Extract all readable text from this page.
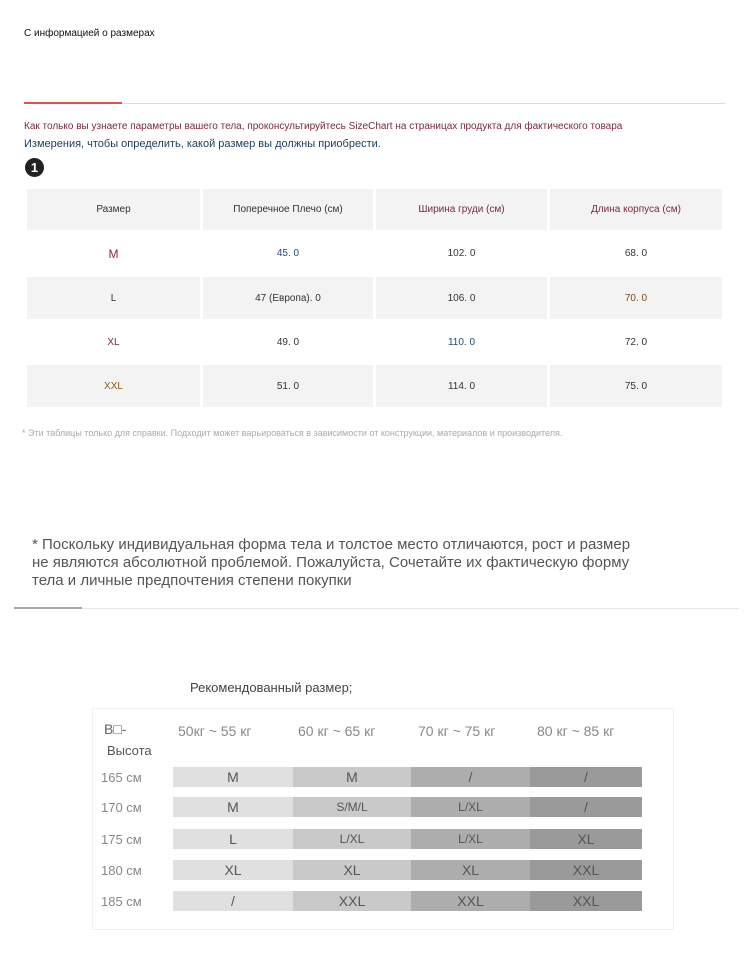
С информацией о размерах
Как только вы узнаете параметры вашего тела, проконсультируйтесь SizeChart на страницах продукта для фактического товара
Измерения, чтобы определить, какой размер вы должны приобрести.
1
Размер	Поперечное Плечо (см)	Ширина груди (см)	Длина корпуса (см)
M	45. 0	102. 0	68. 0
L	47 (Европа). 0	106. 0	70. 0
XL	49. 0	110. 0	72. 0
XXL	51. 0	114. 0	75. 0
* Эти таблицы только для справки. Подходит может варьироваться в зависимости от конструкции, материалов и производителя.
* Поскольку индивидуальная форма тела и толстое место отличаются, рост и размер не являются абсолютной проблемой. Пожалуйста, Сочетайте их фактическую форму тела и личные предпочтения степени покупки
Рекомендованный размер;
B□-
Высота
50кг ~ 55 кг	60 кг ~ 65 кг	70 кг ~ 75 кг	80 кг ~ 85 кг
165 см	M	M	/	/
170 см	M	S/M/L	L/XL	/
175 см	L	L/XL	L/XL	XL
180 см	XL	XL	XL	XXL
185 см	/	XXL	XXL	XXL
